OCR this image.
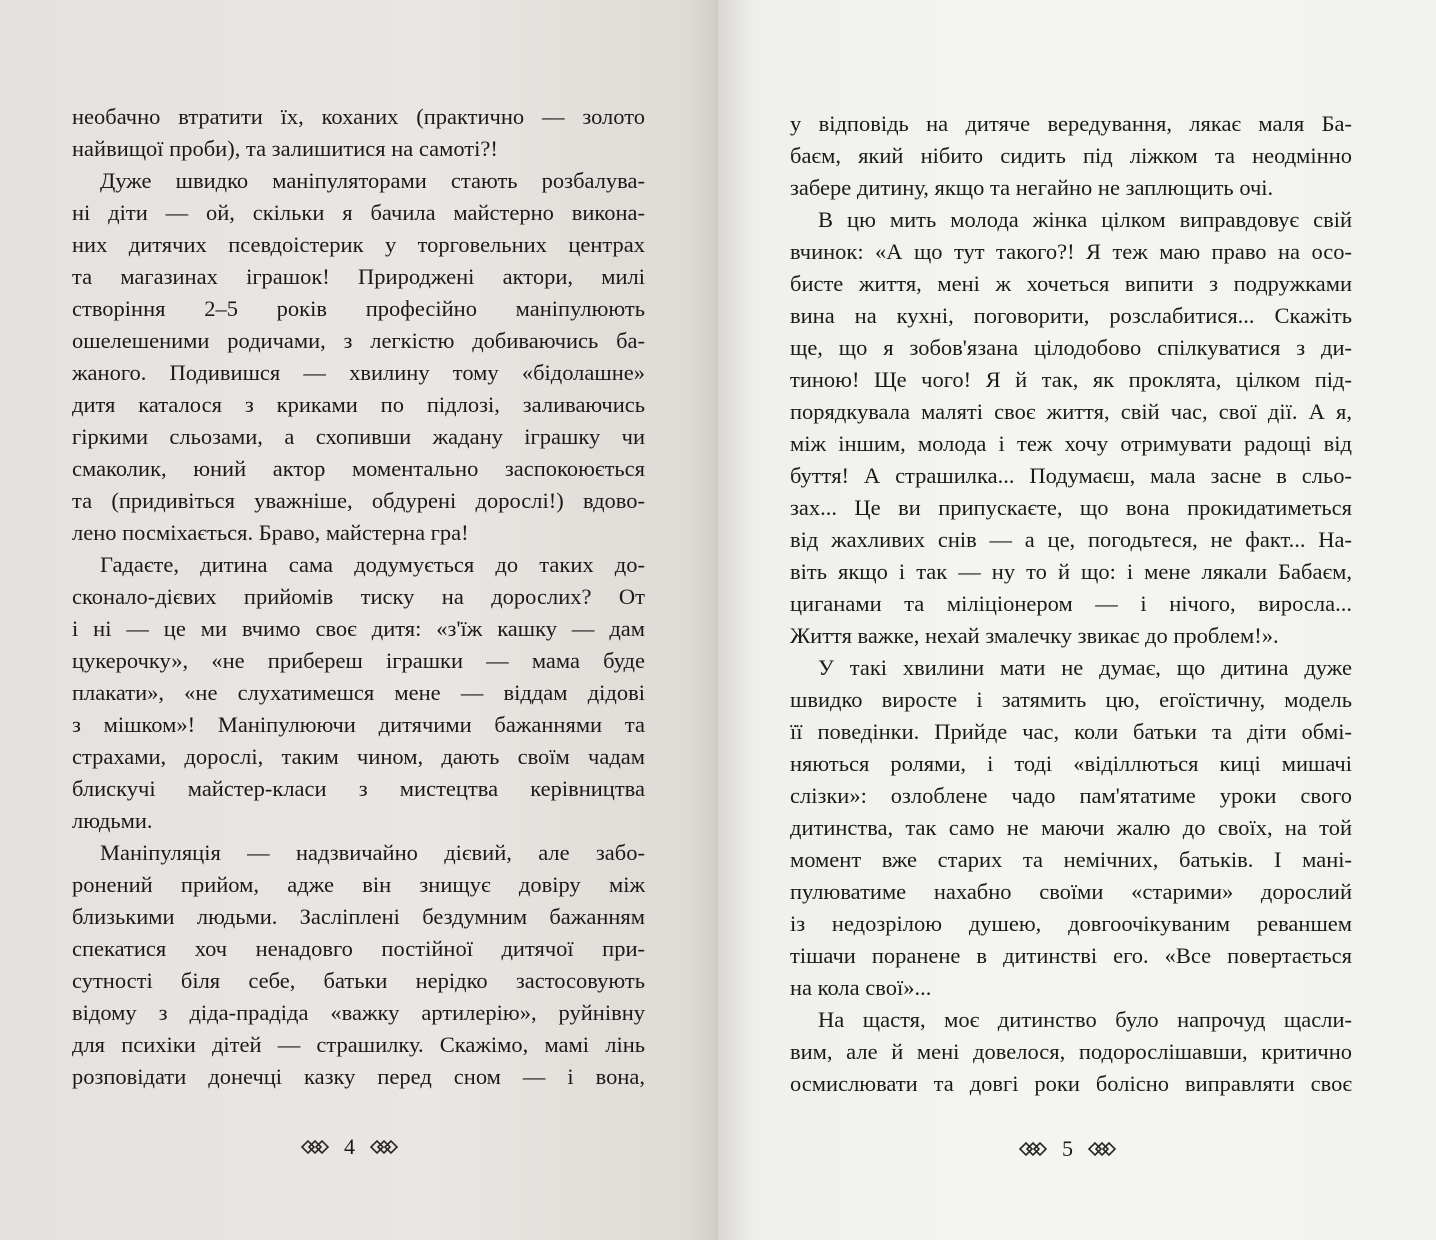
необачно втратити їх, коханих (практично — золото
найвищої проби), та залишитися на самоті?!
Дуже швидко маніпуляторами стають розбалува-
ні діти — ой, скільки я бачила майстерно викона-
них дитячих псевдоістерик у торговельних центрах
та магазинах іграшок! Природжені актори, милі
створіння 2–5 років професійно маніпулюють
ошелешеними родичами, з легкістю добиваючись ба-
жаного. Подивишся — хвилину тому «бідолашне»
дитя каталося з криками по підлозі, заливаючись
гіркими сльозами, а схопивши жадану іграшку чи
смаколик, юний актор моментально заспокоюється
та (придивіться уважніше, обдурені дорослі!) вдово-
лено посміхається. Браво, майстерна гра!
Гадаєте, дитина сама додумується до таких до-
сконало-дієвих прийомів тиску на дорослих? От
і ні — це ми вчимо своє дитя: «з'їж кашку — дам
цукерочку», «не прибереш іграшки — мама буде
плакати», «не слухатимешся мене — віддам дідові
з мішком»! Маніпулюючи дитячими бажаннями та
страхами, дорослі, таким чином, дають своїм чадам
блискучі майстер-класи з мистецтва керівництва
людьми.
Маніпуляція — надзвичайно дієвий, але забо-
ронений прийом, адже він знищує довіру між
близькими людьми. Засліплені бездумним бажанням
спекатися хоч ненадовго постійної дитячої при-
сутності біля себе, батьки нерідко застосовують
відому з діда-прадіда «важку артилерію», руйнівну
для психіки дітей — страшилку. Скажімо, мамі лінь
розповідати донечці казку перед сном — і вона,
4
у відповідь на дитяче вередування, лякає маля Ба-
баєм, який нібито сидить під ліжком та неодмінно
забере дитину, якщо та негайно не заплющить очі.
В цю мить молода жінка цілком виправдовує свій
вчинок: «А що тут такого?! Я теж маю право на осо-
бисте життя, мені ж хочеться випити з подружками
вина на кухні, поговорити, розслабитися... Скажіть
ще, що я зобов'язана цілодобово спілкуватися з ди-
тиною! Ще чого! Я й так, як проклята, цілком під-
порядкувала маляті своє життя, свій час, свої дії. А я,
між іншим, молода і теж хочу отримувати радощі від
буття! А страшилка... Подумаєш, мала засне в сльо-
зах... Це ви припускаєте, що вона прокидатиметься
від жахливих снів — а це, погодьтеся, не факт... На-
віть якщо і так — ну то й що: і мене лякали Бабаєм,
циганами та міліціонером — і нічого, виросла...
Життя важке, нехай змалечку звикає до проблем!».
У такі хвилини мати не думає, що дитина дуже
швидко виросте і затямить цю, егоїстичну, модель
її поведінки. Прийде час, коли батьки та діти обмі-
няються ролями, і тоді «віділлються киці мишачі
слізки»: озлоблене чадо пам'ятатиме уроки свого
дитинства, так само не маючи жалю до своїх, на той
момент вже старих та немічних, батьків. І мані-
пулюватиме нахабно своїми «старими» дорослий
із недозрілою душею, довгоочікуваним реваншем
тішачи поранене в дитинстві его. «Все повертається
на кола свої»...
На щастя, моє дитинство було напрочуд щасли-
вим, але й мені довелося, подорослішавши, критично
осмислювати та довгі роки болісно виправляти своє
5
